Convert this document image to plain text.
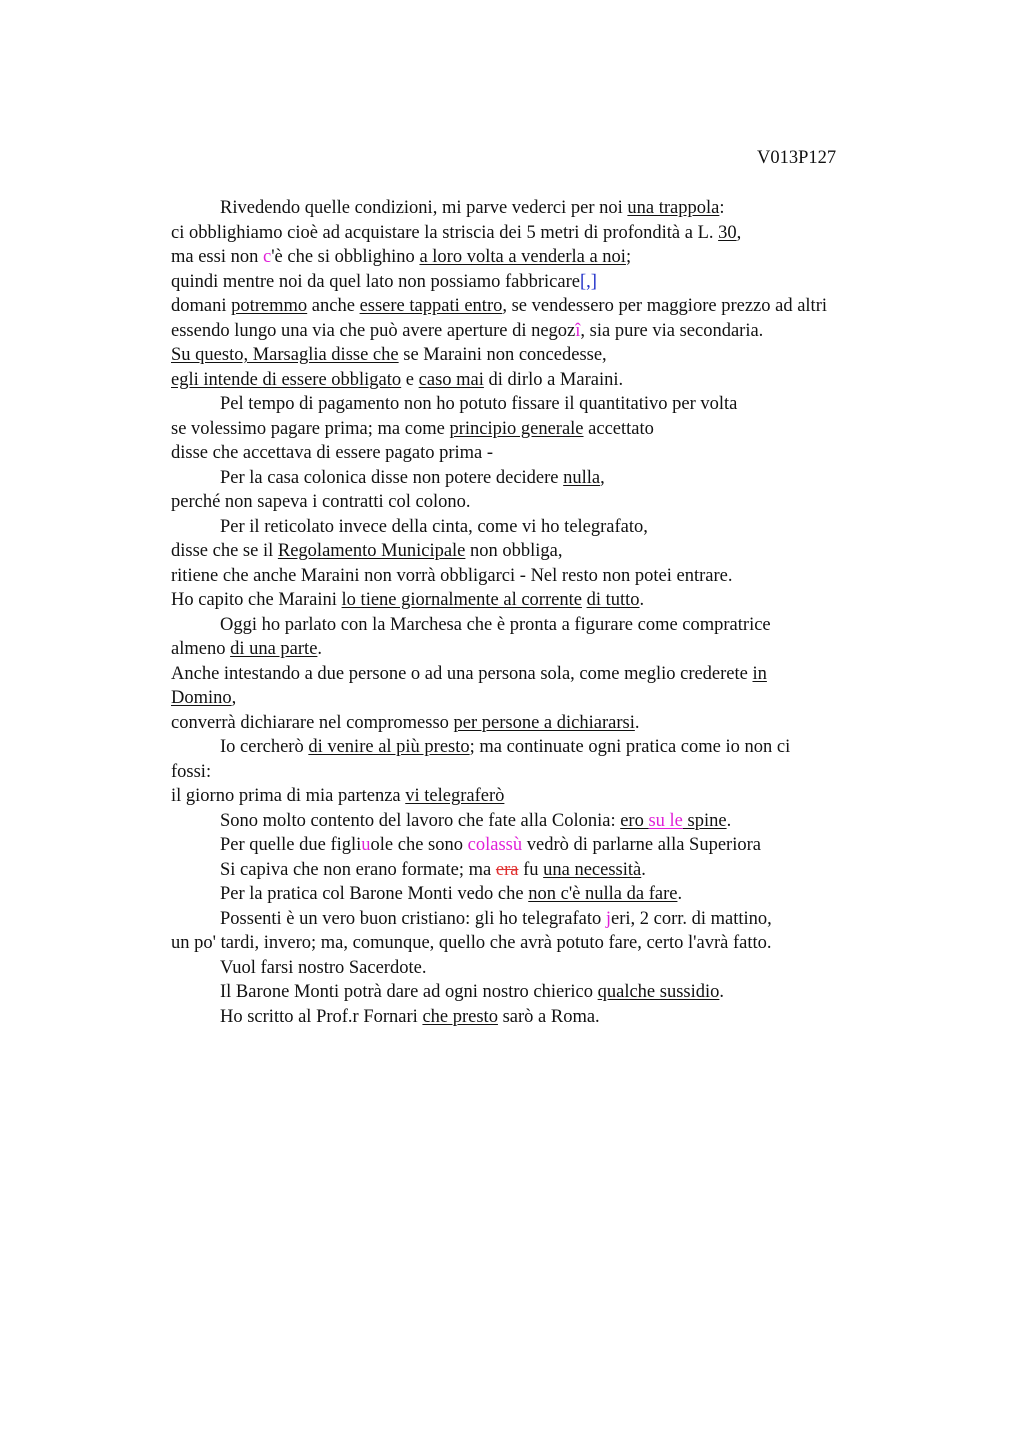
V013P127
Rivedendo quelle condizioni, mi parve vederci per noi una trappola:
ci obblighiamo cioè ad acquistare la striscia dei 5 metri di profondità a L. 30,
ma essi non c'è che si obblighino a loro volta a venderla a noi;
quindi mentre noi da quel lato non possiamo fabbricare[,]
domani potremmo anche essere tappati entro, se vendessero per maggiore prezzo ad altri
essendo lungo una via che può avere aperture di negozî, sia pure via secondaria.
Su questo, Marsaglia disse che se Maraini non concedesse,
egli intende di essere obbligato e caso mai di dirlo a Maraini.
Pel tempo di pagamento non ho potuto fissare il quantitativo per volta
se volessimo pagare prima; ma come principio generale accettato
disse che accettava di essere pagato prima -
Per la casa colonica disse non potere decidere nulla,
perché non sapeva i contratti col colono.
Per il reticolato invece della cinta, come vi ho telegrafato,
disse che se il Regolamento Municipale non obbliga,
ritiene che anche Maraini non vorrà obbligarci - Nel resto non potei entrare.
Ho capito che Maraini lo tiene giornalmente al corrente di tutto.
Oggi ho parlato con la Marchesa che è pronta a figurare come compratrice
almeno di una parte.
Anche intestando a due persone o ad una persona sola, come meglio crederete in
Domino,
converrà dichiarare nel compromesso per persone a dichiararsi.
Io cercherò di venire al più presto; ma continuate ogni pratica come io non ci
fossi:
il giorno prima di mia partenza vi telegraferò
Sono molto contento del lavoro che fate alla Colonia: ero su le spine.
Per quelle due figliuole che sono colassù vedrò di parlarne alla Superiora
Si capiva che non erano formate; ma era fu una necessità.
Per la pratica col Barone Monti vedo che non c'è nulla da fare.
Possenti è un vero buon cristiano: gli ho telegrafato jeri, 2 corr. di mattino,
un po' tardi, invero; ma, comunque, quello che avrà potuto fare, certo l'avrà fatto.
Vuol farsi nostro Sacerdote.
Il Barone Monti potrà dare ad ogni nostro chierico qualche sussidio.
Ho scritto al Prof.r Fornari che presto sarò a Roma.
